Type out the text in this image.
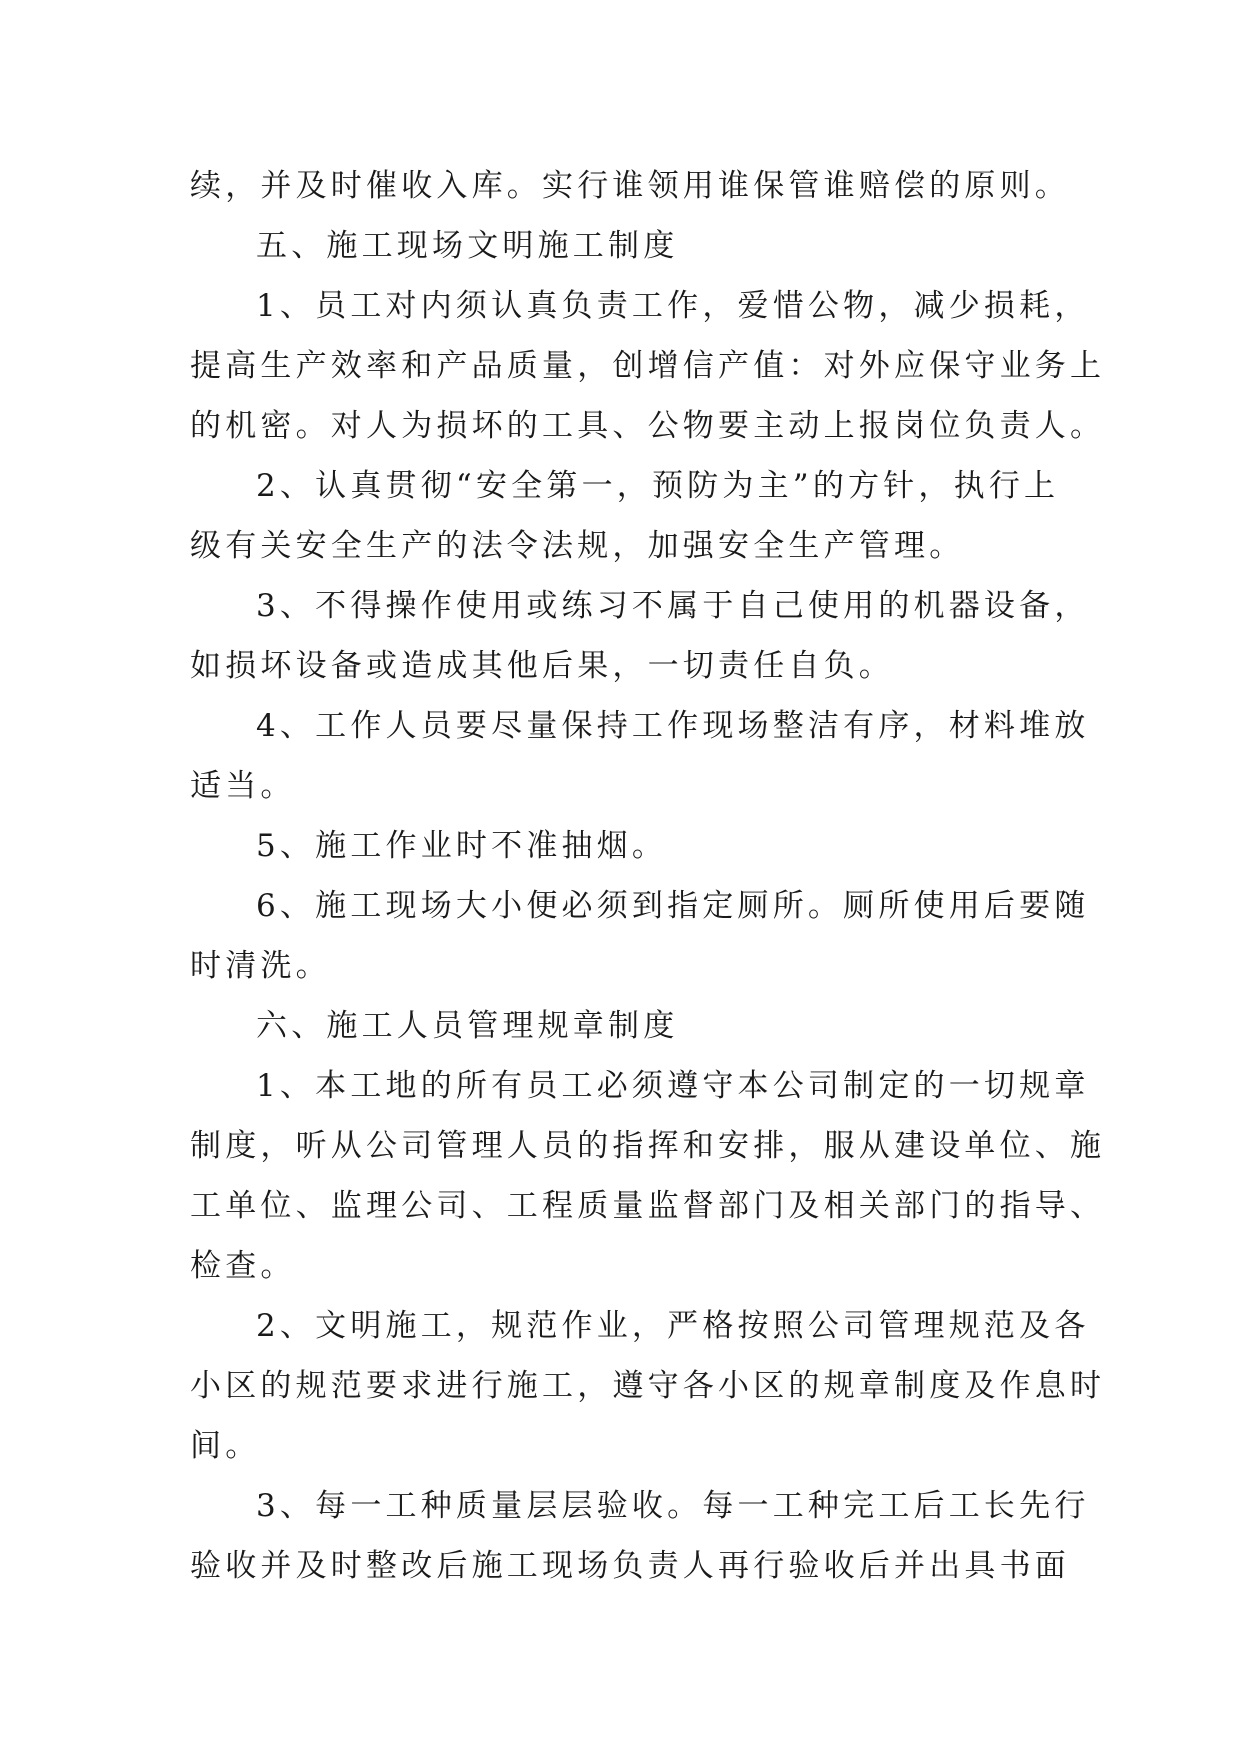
续，并及时催收入库。实行谁领用谁保管谁赔偿的原则。
五、施工现场文明施工制度
1、员工对内须认真负责工作，爱惜公物，减少损耗，
提高生产效率和产品质量，创增信产值：对外应保守业务上
的机密。对人为损坏的工具、公物要主动上报岗位负责人。
2、认真贯彻“安全第一，预防为主”的方针，执行上
级有关安全生产的法令法规，加强安全生产管理。
3、不得操作使用或练习不属于自己使用的机器设备，
如损坏设备或造成其他后果，一切责任自负。
4、工作人员要尽量保持工作现场整洁有序，材料堆放
适当。
5、施工作业时不准抽烟。
6、施工现场大小便必须到指定厕所。厕所使用后要随
时清洗。
六、施工人员管理规章制度
1、本工地的所有员工必须遵守本公司制定的一切规章
制度，听从公司管理人员的指挥和安排，服从建设单位、施
工单位、监理公司、工程质量监督部门及相关部门的指导、
检查。
2、文明施工，规范作业，严格按照公司管理规范及各
小区的规范要求进行施工，遵守各小区的规章制度及作息时
间。
3、每一工种质量层层验收。每一工种完工后工长先行
验收并及时整改后施工现场负责人再行验收后并出具书面
